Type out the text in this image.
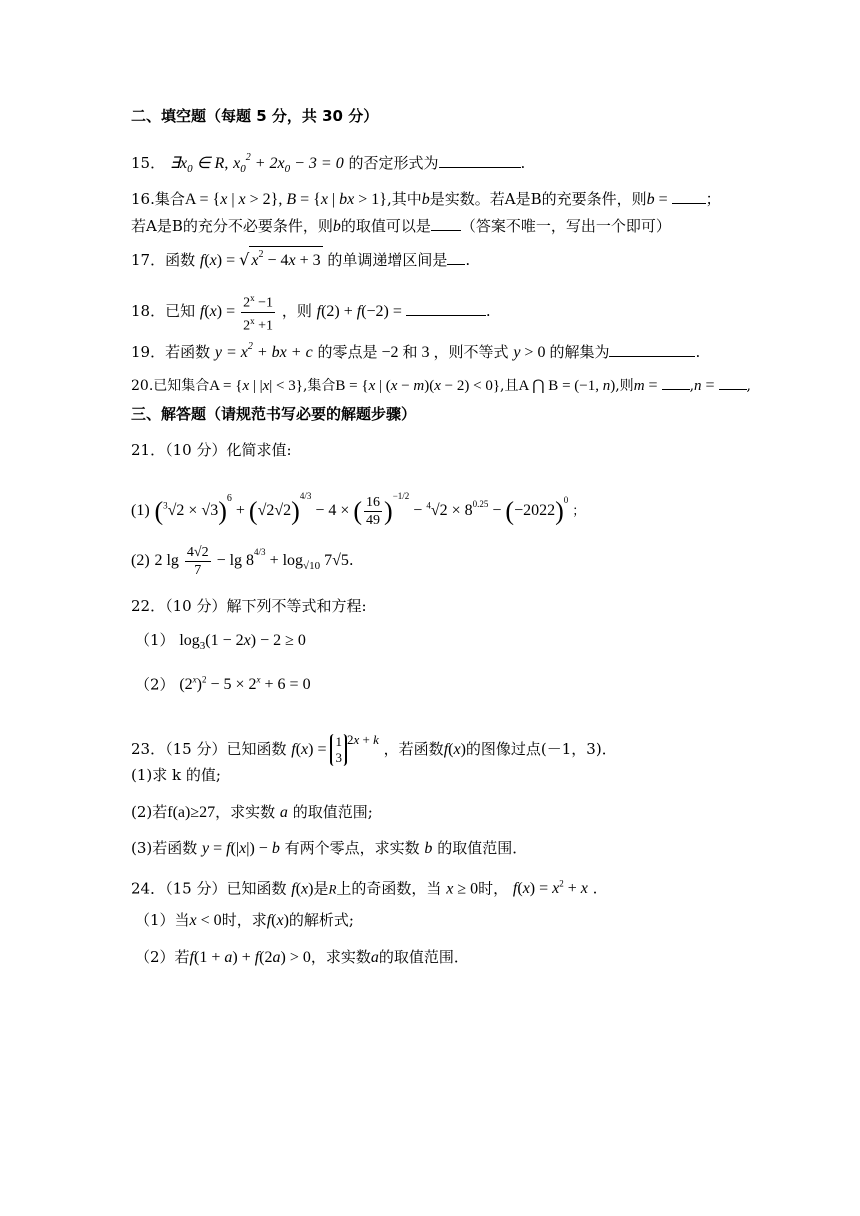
二、填空题（每题 5 分，共 30 分）
15． $\exists x_0$ ∈ R, $x_0^2 + 2x_0 - 3 = 0$ 的否定形式为	.
16.集合A = {x | x > 2}, B = {x | bx > 1},其中b是实数。若A是B的充要条件，则b = ；
若A是B的充分不必要条件，则b的取值可以是 （答案不唯一，写出一个即可）
17．函数 f(x) = √ $x^2 - 4x + 3$ 的单调递增区间是 .
18．已知 $f(x) = \frac{2^x -1}{2^x +1}$ ，则 f(2) + f(−2) =	.
19．若函数 $y = x^2$ + bx + c 的零点是 −2 和 3 ，则不等式 y > 0 的解集为	.
20.已知集合A = {x | |x| < 3},集合B = {x | (x − m)(x − 2) < 0},且A ⋂ B = (−1, n),则m = ,n = ,
三、解答题（请规范书写必要的解题步骤）
21．（10 分）化简求值:
(1) $(^3√2 \times √3)^6 + (√2√2)^{4/3} - 4$ × ( $\frac{16}{49} )^{-1/2} - ^4√2 \times 8^{0.25} - (-2022)^0$ ；
(2) 2 $\lg \frac{4√2}{7} - \lg 8^{4/3} + \log_{√10} 7√5$.
22．（10 分）解下列不等式和方程:
（1） $\log_3(1 - 2x) - 2 \ge 0$
（2） $(2^x)^2 - 5 \times 2^x + 6 = 0$
23．（15 分）已知函数 f(x) = 1
3
$^{2x + k}$ ，若函数f(x)的图像过点(－1，3)．
(1)求 k 的值;
(2)若f(a)≥27，求实数 a 的取值范围;
(3)若函数 y = f(|x|) − b 有两个零点，求实数 b 的取值范围．
24．（15 分）已知函数 f(x)是R上的奇函数，当 x ≥ 0时， $f(x) = x^2 + x$ .
（1）当x < 0时，求f(x)的解析式;
（2）若f(1 + a) + f(2a) > 0，求实数a的取值范围．
